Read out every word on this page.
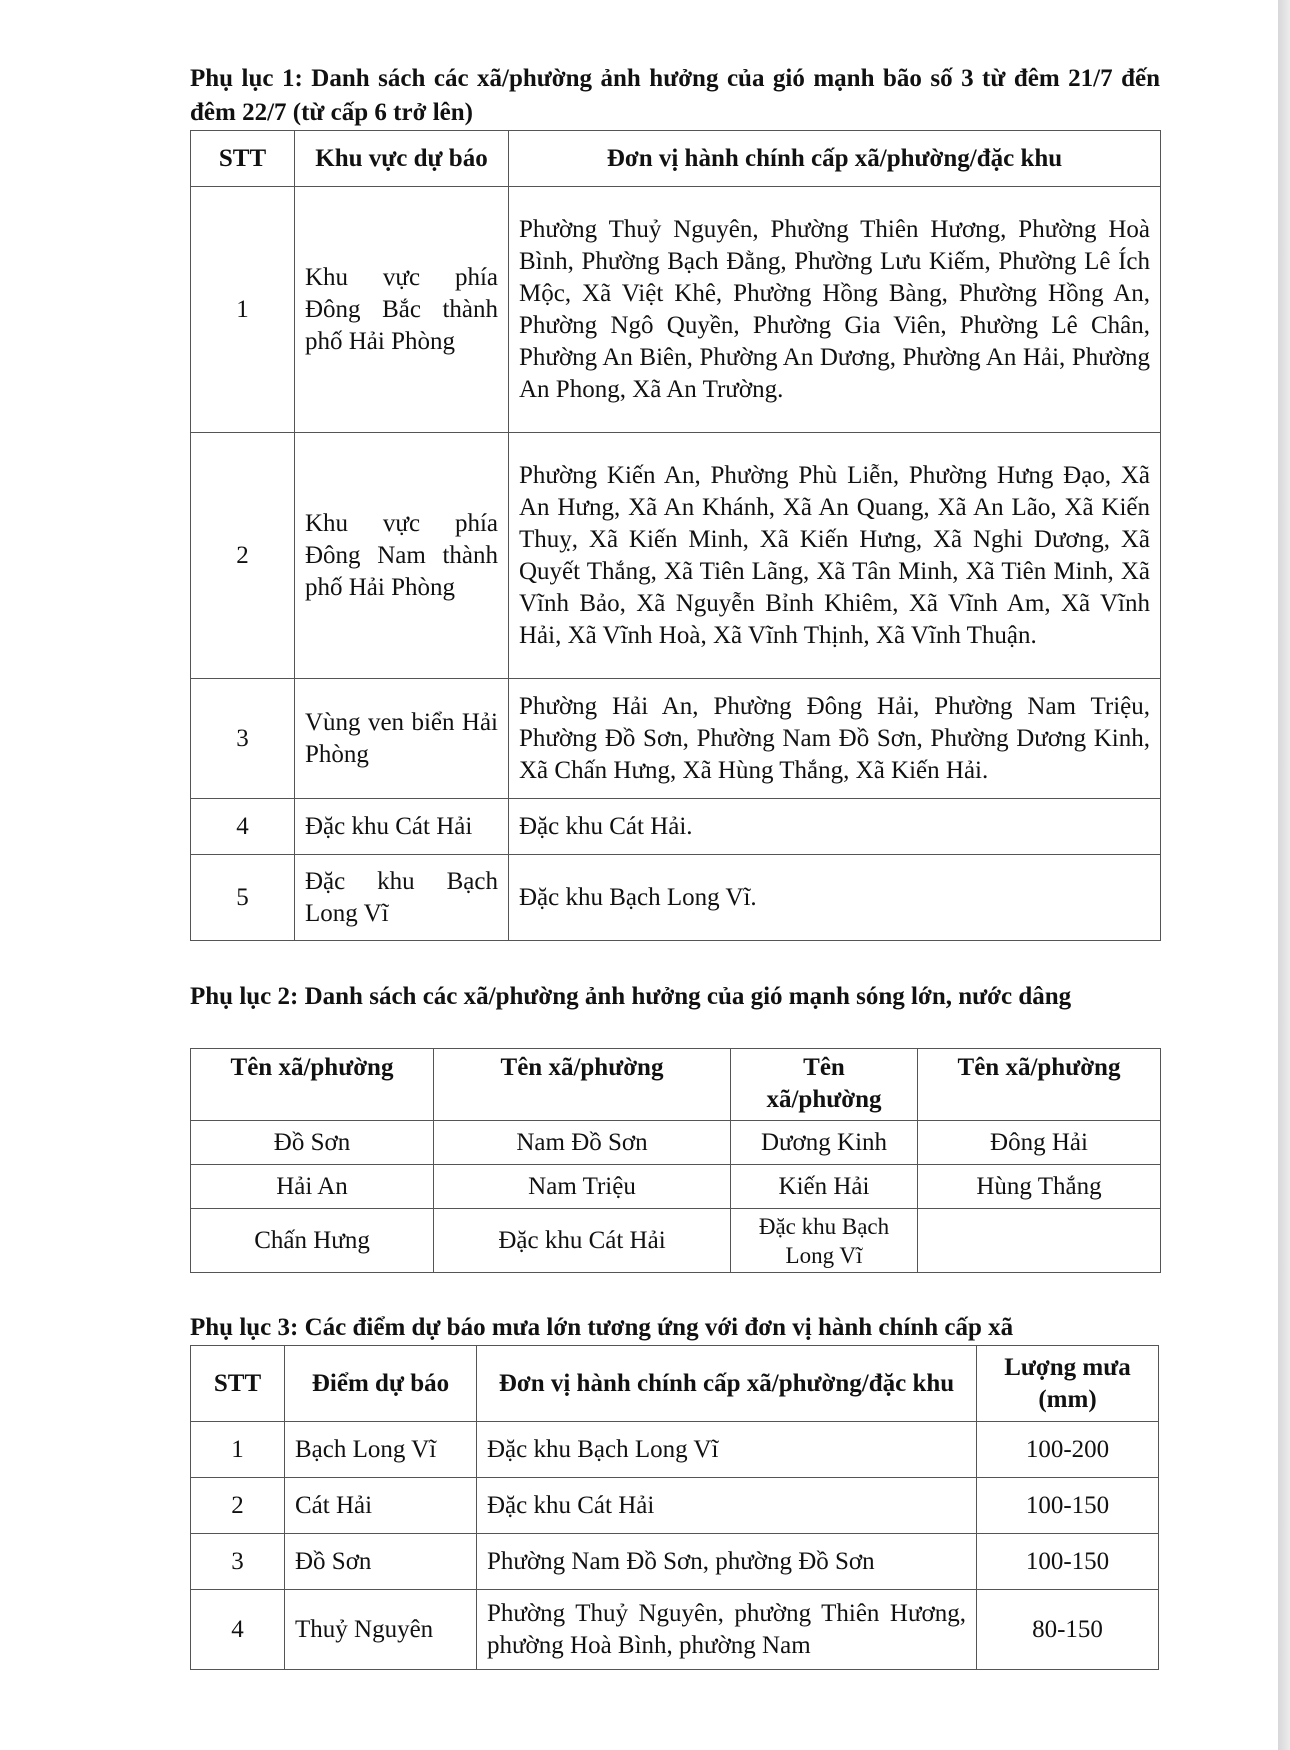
Phụ lục 1: Danh sách các xã/phường ảnh hưởng của gió mạnh bão số 3 từ đêm 21/7 đến đêm 22/7 (từ cấp 6 trở lên)

STT	Khu vực dự báo	Đơn vị hành chính cấp xã/phường/đặc khu
1	Khu vực phía Đông Bắc thành phố Hải Phòng	Phường Thuỷ Nguyên, Phường Thiên Hương, Phường Hoà Bình, Phường Bạch Đằng, Phường Lưu Kiếm, Phường Lê Ích Mộc, Xã Việt Khê, Phường Hồng Bàng, Phường Hồng An, Phường Ngô Quyền, Phường Gia Viên, Phường Lê Chân, Phường An Biên, Phường An Dương, Phường An Hải, Phường An Phong, Xã An Trường.
2	Khu vực phía Đông Nam thành phố Hải Phòng	Phường Kiến An, Phường Phù Liễn, Phường Hưng Đạo, Xã An Hưng, Xã An Khánh, Xã An Quang, Xã An Lão, Xã Kiến Thuỵ, Xã Kiến Minh, Xã Kiến Hưng, Xã Nghi Dương, Xã Quyết Thắng, Xã Tiên Lãng, Xã Tân Minh, Xã Tiên Minh, Xã Vĩnh Bảo, Xã Nguyễn Bỉnh Khiêm, Xã Vĩnh Am, Xã Vĩnh Hải, Xã Vĩnh Hoà, Xã Vĩnh Thịnh, Xã Vĩnh Thuận.
3	Vùng ven biển Hải Phòng	Phường Hải An, Phường Đông Hải, Phường Nam Triệu, Phường Đồ Sơn, Phường Nam Đồ Sơn, Phường Dương Kinh, Xã Chấn Hưng, Xã Hùng Thắng, Xã Kiến Hải.
4	Đặc khu Cát Hải	Đặc khu Cát Hải.
5	Đặc khu Bạch Long Vĩ	Đặc khu Bạch Long Vĩ.

Phụ lục 2: Danh sách các xã/phường ảnh hưởng của gió mạnh sóng lớn, nước dâng

Tên xã/phường	Tên xã/phường	Tên xã/phường	Tên xã/phường
Đồ Sơn	Nam Đồ Sơn	Dương Kinh	Đông Hải
Hải An	Nam Triệu	Kiến Hải	Hùng Thắng
Chấn Hưng	Đặc khu Cát Hải	Đặc khu Bạch Long Vĩ	

Phụ lục 3: Các điểm dự báo mưa lớn tương ứng với đơn vị hành chính cấp xã

STT	Điểm dự báo	Đơn vị hành chính cấp xã/phường/đặc khu	Lượng mưa (mm)
1	Bạch Long Vĩ	Đặc khu Bạch Long Vĩ	100-200
2	Cát Hải	Đặc khu Cát Hải	100-150
3	Đồ Sơn	Phường Nam Đồ Sơn, phường Đồ Sơn	100-150
4	Thuỷ Nguyên	Phường Thuỷ Nguyên, phường Thiên Hương, phường Hoà Bình, phường Nam	80-150
